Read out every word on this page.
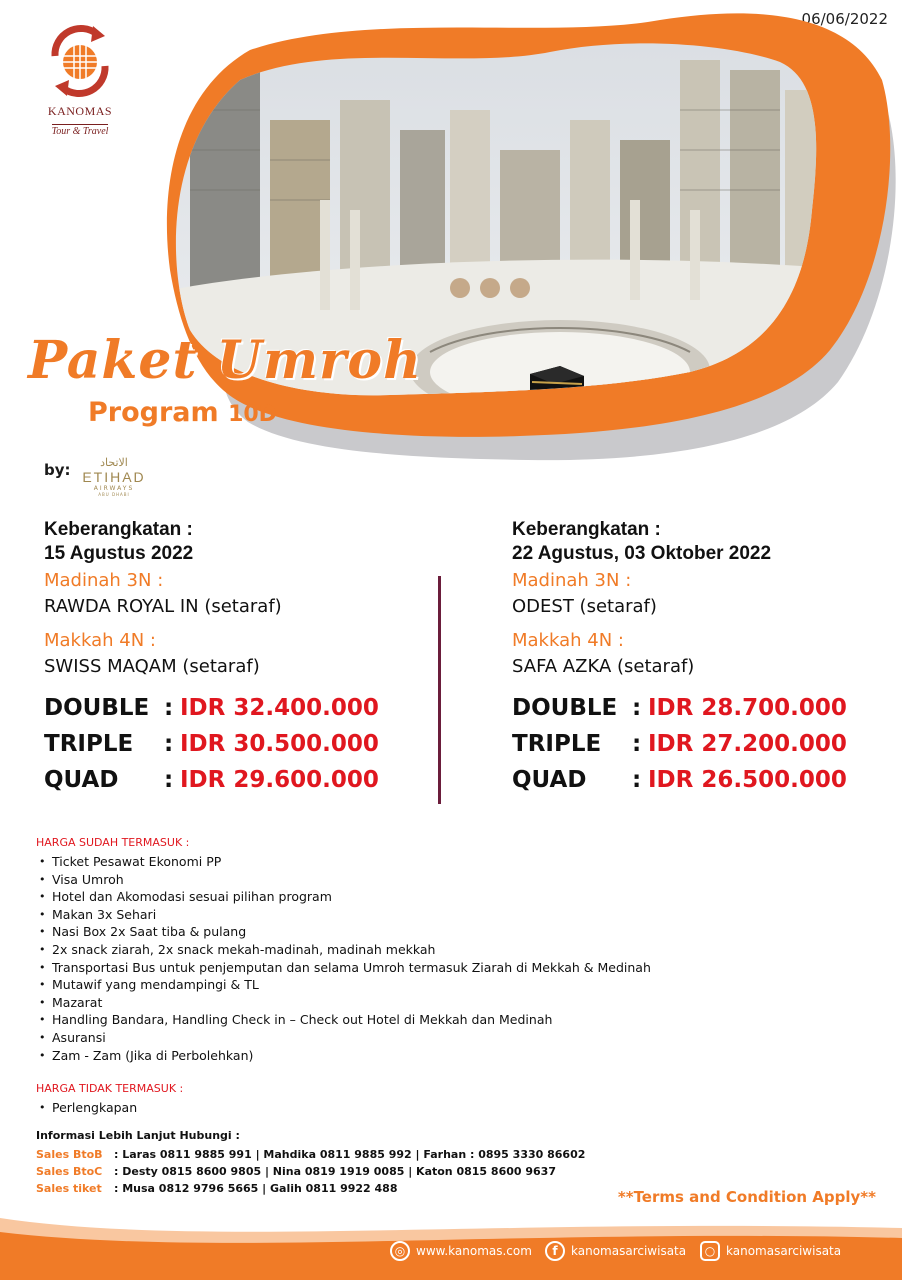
06/06/2022
KANOMAS
Tour & Travel
Paket Umroh
Program 10D
by:	الاتحاد
ETIHAD
AIRWAYS
ABU DHABI
Keberangkatan :
15 Agustus 2022
Madinah 3N :
RAWDA ROYAL IN (setaraf)
Makkah 4N :
SWISS MAQAM (setaraf)
DOUBLE : IDR 32.400.000
TRIPLE	: IDR 30.500.000
QUAD	: IDR 29.600.000
Keberangkatan :
22 Agustus, 03 Oktober 2022
Madinah 3N :
ODEST (setaraf)
Makkah 4N :
SAFA AZKA (setaraf)
DOUBLE : IDR 28.700.000
TRIPLE	: IDR 27.200.000
QUAD	: IDR 26.500.000
HARGA SUDAH TERMASUK :
• Ticket Pesawat Ekonomi PP
• Visa Umroh
• Hotel dan Akomodasi sesuai pilihan program
• Makan 3x Sehari
• Nasi Box 2x Saat tiba & pulang
• 2x snack ziarah, 2x snack mekah-madinah, madinah mekkah
• Transportasi Bus untuk penjemputan dan selama Umroh termasuk Ziarah di Mekkah & Medinah
• Mutawif yang mendampingi & TL
• Mazarat
• Handling Bandara, Handling Check in – Check out Hotel di Mekkah dan Medinah
• Asuransi
• Zam - Zam (Jika di Perbolehkan)
HARGA TIDAK TERMASUK :
• Perlengkapan
Informasi Lebih Lanjut Hubungi :
Sales BtoB	: Laras 0811 9885 991 | Mahdika 0811 9885 992 | Farhan : 0895 3330 86602
Sales BtoC	: Desty 0815 8600 9805 | Nina 0819 1919 0085 | Katon 0815 8600 9637
Sales tiket	: Musa 0812 9796 5665 | Galih 0811 9922 488	**Terms and Condition Apply**
◎ www.kanomas.com	f	kanomasarciwisata	○ kanomasarciwisata
